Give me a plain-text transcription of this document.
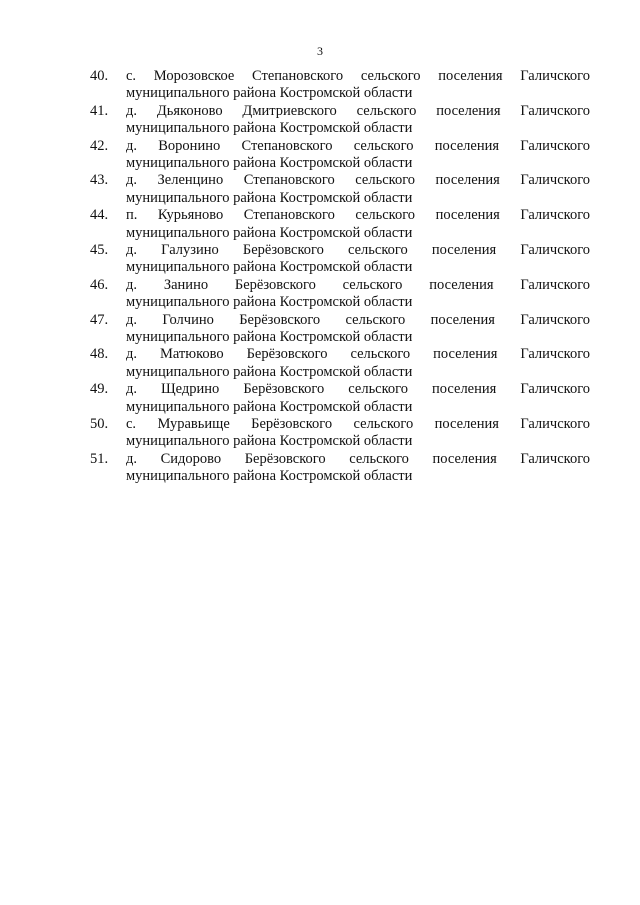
3
40.	с. Морозовское Степановского сельского поселения Галичского
муниципального района Костромской области
41.	д. Дьяконово Дмитриевского сельского поселения Галичского
муниципального района Костромской области
42.	д. Воронино Степановского сельского поселения Галичского
муниципального района Костромской области
43.	д. Зеленцино Степановского сельского поселения Галичского
муниципального района Костромской области
44.	п. Курьяново Степановского сельского поселения Галичского
муниципального района Костромской области
45.	д. Галузино Берёзовского сельского поселения Галичского
муниципального района Костромской области
46.	д. Занино Берёзовского сельского поселения Галичского
муниципального района Костромской области
47.	д. Голчино Берёзовского сельского поселения Галичского
муниципального района Костромской области
48.	д. Матюково Берёзовского сельского поселения Галичского
муниципального района Костромской области
49.	д. Щедрино Берёзовского сельского поселения Галичского
муниципального района Костромской области
50.	с. Муравьище Берёзовского сельского поселения Галичского
муниципального района Костромской области
51.	д. Сидорово Берёзовского сельского поселения Галичского
муниципального района Костромской области
